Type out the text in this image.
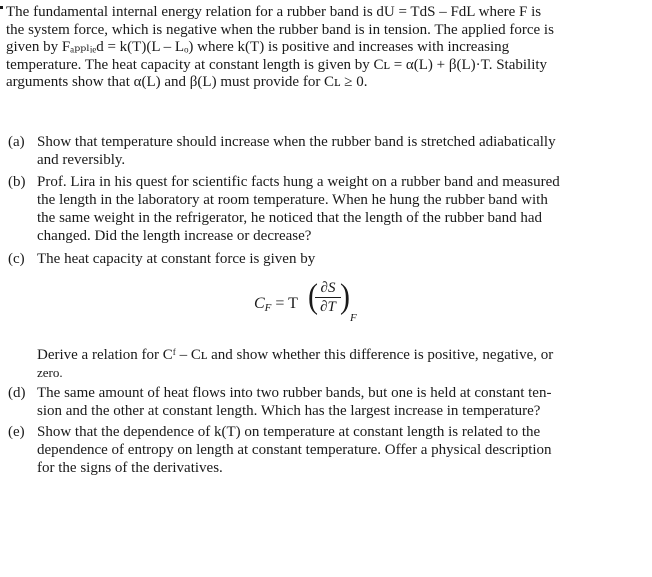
The fundamental internal energy relation for a rubber band is dU = TdS – FdL where F is
the system force, which is negative when the rubber band is in tension. The applied force is
given by Fₐₚₚₗᵢₑd = k(T)(L – Lₒ) where k(T) is positive and increases with increasing
temperature. The heat capacity at constant length is given by Cʟ = α(L) + β(L)·T. Stability
arguments show that α(L) and β(L) must provide for Cʟ ≥ 0.
(a) Show that temperature should increase when the rubber band is stretched adiabatically
and reversibly.
(b) Prof. Lira in his quest for scientific facts hung a weight on a rubber band and measured
the length in the laboratory at room temperature. When he hung the rubber band with
the same weight in the refrigerator, he noticed that the length of the rubber band had
changed. Did the length increase or decrease?
(c) The heat capacity at constant force is given by
$C_F = T$ ( ∂S
∂T )
F
Derive a relation for Cᶠ – Cʟ and show whether this difference is positive, negative, or
zero.
(d) The same amount of heat flows into two rubber bands, but one is held at constant ten-
sion and the other at constant length. Which has the largest increase in temperature?
(e) Show that the dependence of k(T) on temperature at constant length is related to the
dependence of entropy on length at constant temperature. Offer a physical description
for the signs of the derivatives.
